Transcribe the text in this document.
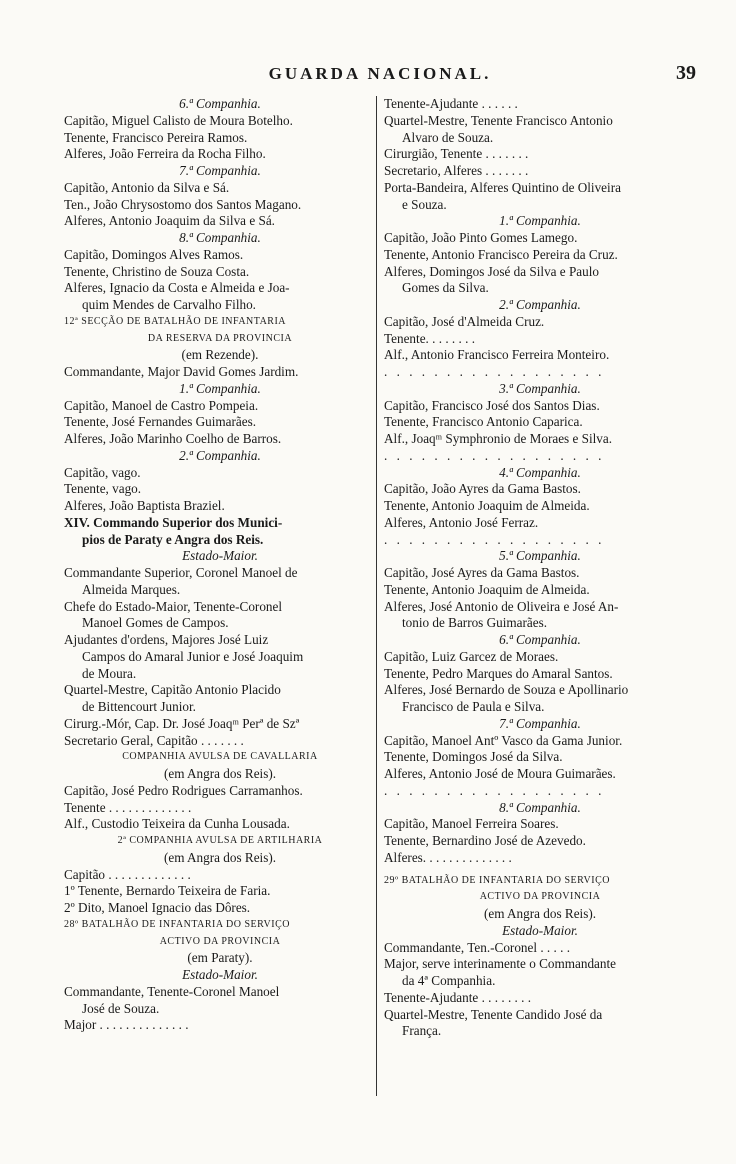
GUARDA NACIONAL.	39
6.ª Companhia.
Capitão, Miguel Calisto de Moura Botelho.
Tenente, Francisco Pereira Ramos.
Alferes, João Ferreira da Rocha Filho.
7.ª Companhia.
Capitão, Antonio da Silva e Sá.
Ten., João Chrysostomo dos Santos Magano.
Alferes, Antonio Joaquim da Silva e Sá.
8.ª Companhia.
Capitão, Domingos Alves Ramos.
Tenente, Christino de Souza Costa.
Alferes, Ignacio da Costa e Almeida e Joa-
quim Mendes de Carvalho Filho.
12ª SECÇÃO DE BATALHÃO DE INFANTARIA
DA RESERVA DA PROVINCIA
(em Rezende).
Commandante, Major David Gomes Jardim.
1.ª Companhia.
Capitão, Manoel de Castro Pompeia.
Tenente, José Fernandes Guimarães.
Alferes, João Marinho Coelho de Barros.
2.ª Companhia.
Capitão, vago.
Tenente, vago.
Alferes, João Baptista Braziel.
XIV. Commando Superior dos Munici-
pios de Paraty e Angra dos Reis.
Estado-Maior.
Commandante Superior, Coronel Manoel de
Almeida Marques.
Chefe do Estado-Maior, Tenente-Coronel
Manoel Gomes de Campos.
Ajudantes d'ordens, Majores José Luiz
Campos do Amaral Junior e José Joaquim
de Moura.
Quartel-Mestre, Capitão Antonio Placido
de Bittencourt Junior.
Cirurg.-Mór, Cap. Dr. José Joaqᵐ Perª de Szª
Secretario Geral, Capitão . . . . . . .
COMPANHIA AVULSA DE CAVALLARIA
(em Angra dos Reis).
Capitão, José Pedro Rodrigues Carramanhos.
Tenente . . . . . . . . . . . . .
Alf., Custodio Teixeira da Cunha Lousada.
2ª COMPANHIA AVULSA DE ARTILHARIA
(em Angra dos Reis).
Capitão . . . . . . . . . . . . .
1º Tenente, Bernardo Teixeira de Faria.
2º Dito, Manoel Ignacio das Dôres.
28º BATALHÃO DE INFANTARIA DO SERVIÇO
ACTIVO DA PROVINCIA
(em Paraty).
Estado-Maior.
Commandante, Tenente-Coronel Manoel
José de Souza.
Major . . . . . . . . . . . . . .
Tenente-Ajudante . . . . . .
Quartel-Mestre, Tenente Francisco Antonio
Alvaro de Souza.
Cirurgião, Tenente . . . . . . .
Secretario, Alferes . . . . . . .
Porta-Bandeira, Alferes Quintino de Oliveira
e Souza.
1.ª Companhia.
Capitão, João Pinto Gomes Lamego.
Tenente, Antonio Francisco Pereira da Cruz.
Alferes, Domingos José da Silva e Paulo
Gomes da Silva.
2.ª Companhia.
Capitão, José d'Almeida Cruz.
Tenente. . . . . . . .
Alf., Antonio Francisco Ferreira Monteiro.
. . . . . . . . . . . . . . . . . .
3.ª Companhia.
Capitão, Francisco José dos Santos Dias.
Tenente, Francisco Antonio Caparica.
Alf., Joaqᵐ Symphronio de Moraes e Silva.
. . . . . . . . . . . . . . . . . .
4.ª Companhia.
Capitão, João Ayres da Gama Bastos.
Tenente, Antonio Joaquim de Almeida.
Alferes, Antonio José Ferraz.
. . . . . . . . . . . . . . . . . .
5.ª Companhia.
Capitão, José Ayres da Gama Bastos.
Tenente, Antonio Joaquim de Almeida.
Alferes, José Antonio de Oliveira e José An-
tonio de Barros Guimarães.
6.ª Companhia.
Capitão, Luiz Garcez de Moraes.
Tenente, Pedro Marques do Amaral Santos.
Alferes, José Bernardo de Souza e Apollinario
Francisco de Paula e Silva.
7.ª Companhia.
Capitão, Manoel Antº Vasco da Gama Junior.
Tenente, Domingos José da Silva.
Alferes, Antonio José de Moura Guimarães.
. . . . . . . . . . . . . . . . . .
8.ª Companhia.
Capitão, Manoel Ferreira Soares.
Tenente, Bernardino José de Azevedo.
Alferes. . . . . . . . . . . . . .
29º BATALHÃO DE INFANTARIA DO SERVIÇO
ACTIVO DA PROVINCIA
(em Angra dos Reis).
Estado-Maior.
Commandante, Ten.-Coronel . . . . .
Major, serve interinamente o Commandante
da 4ª Companhia.
Tenente-Ajudante . . . . . . . .
Quartel-Mestre, Tenente Candido José da
França.
